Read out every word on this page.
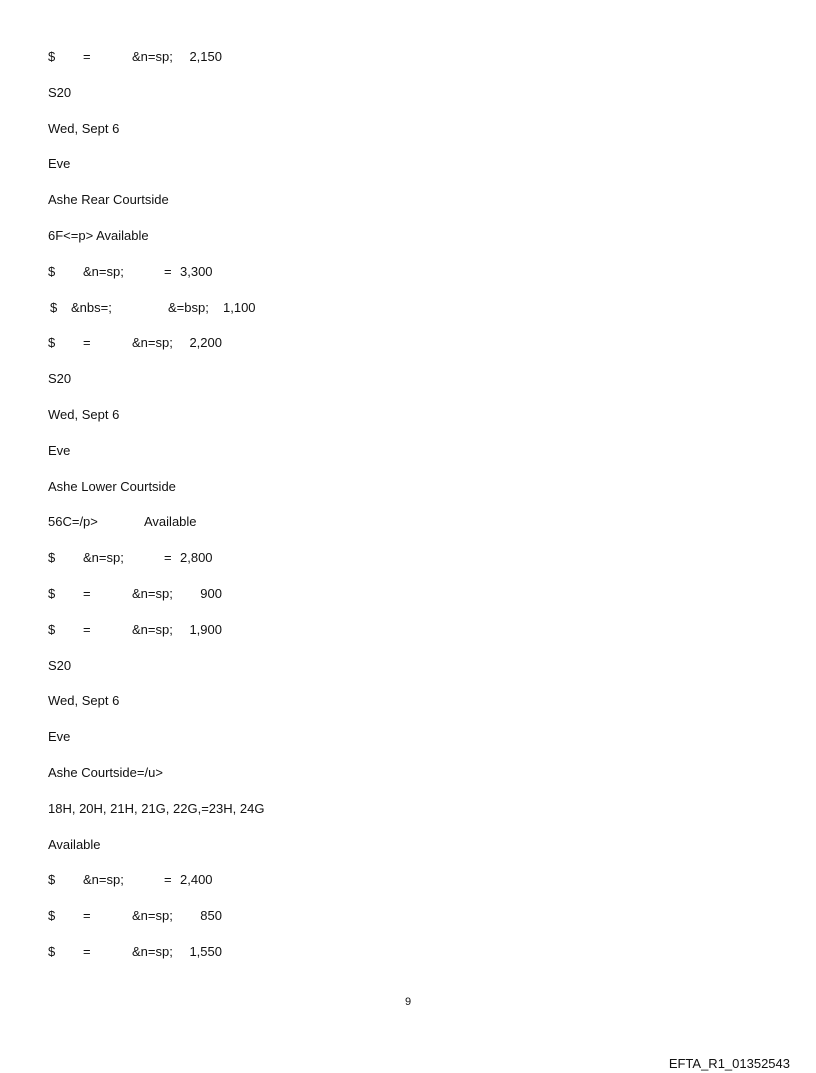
$ =	&n=sp; 2,150
S20
Wed, Sept 6
Eve
Ashe Rear Courtside
6F<=p> Available
$ &n=sp;	= 3,300
$ &nbs=;	&=bsp; 1,100
$ =	&n=sp; 2,200
S20
Wed, Sept 6
Eve
Ashe Lower Courtside
56C=/p>	Available
$ &n=sp;	= 2,800
$ =	&n=sp; 900
$ =	&n=sp; 1,900
S20
Wed, Sept 6
Eve
Ashe Courtside=/u>
18H, 20H, 21H, 21G, 22G,=23H, 24G
Available
$ &n=sp;	= 2,400
$ =	&n=sp; 850
$ =	&n=sp; 1,550
9
EFTA_R1_01352543
